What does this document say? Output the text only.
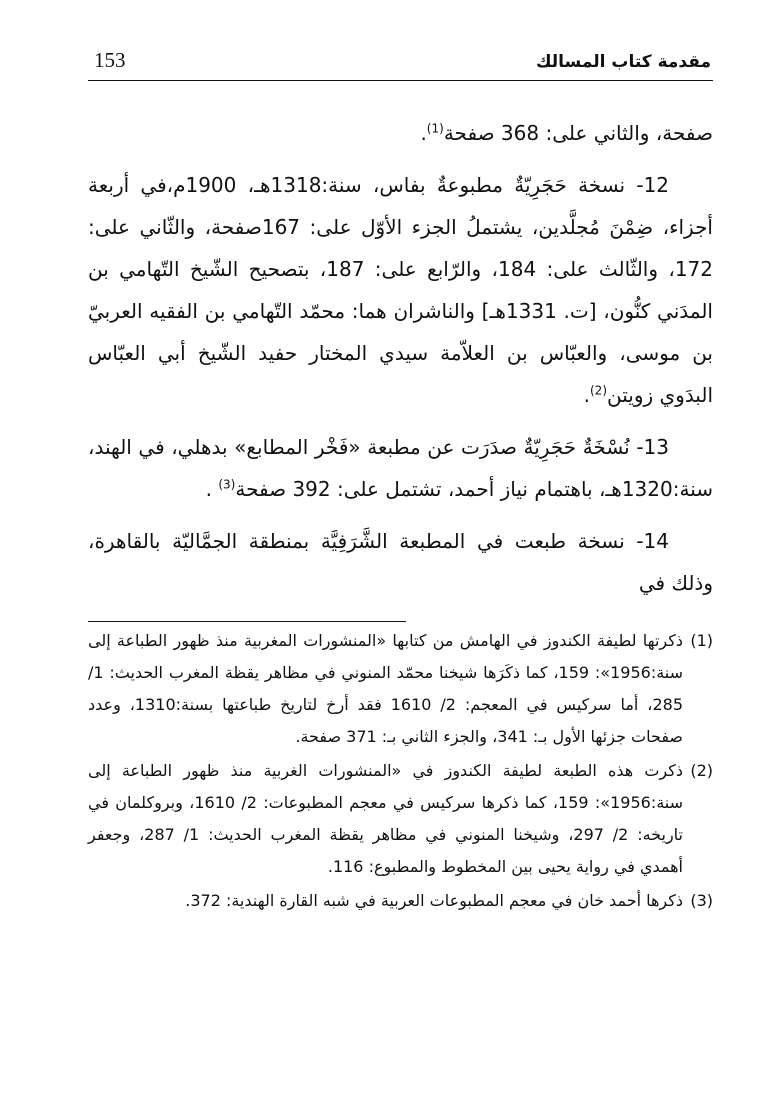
153	مقدمة كتاب المسالك

صفحة، والثاني على: 368 صفحة$^{(1)}$.

12- نسخة حَجَرِيّةٌ مطبوعةٌ بفاس، سنة:1318هـ، 1900م،في أربعة أجزاء، ضِمْنَ مُجلَّدين، يشتملُ الجزء الأوّل على: 167صفحة، والثّاني على: 172، والثّالث على: 184، والرّابع على: 187، بتصحيح الشّيخ التّهامي بن المدَني كنُّون، [ت. 1331هـ] والناشران هما: محمّد التّهامي بن الفقيه العربيّ بن موسى، والعبّاس بن العلاّمة سيدي المختار حفيد الشّيخ أبي العبّاس البدَوي زويتن$^{(2)}$.

13- نُسْخَةٌ حَجَرِيّةٌ صدَرَت عن مطبعة «فَخْر المطابع» بدهلي، في الهند، سنة:1320هـ، باهتمام نياز أحمد، تشتمل على: 392 صفحة$^{(3)}$ .

14- نسخة طبعت في المطبعة الشَّرَفِيَّة بمنطقة الجمَّاليّة بالقاهرة، وذلك في

(1)
ذكرتها لطيفة الكندوز في الهامش من كتابها «المنشورات المغربية منذ ظهور الطباعة إلى سنة:1956»: 159، كما ذكَرَها شيخنا محمّد المنوني في مظاهر يقظة المغرب الحديث: 1/ 285، أما سركيس في المعجم: 2/ 1610 فقد أرخ لتاريخ طباعتها بسنة:1310، وعدد صفحات جزئها الأول بـ: 341، والجزء الثاني بـ: 371 صفحة.
(2)
ذكرت هذه الطبعة لطيفة الكندوز في «المنشورات الغربية منذ ظهور الطباعة إلى سنة:1956»: 159، كما ذكرها سركيس في معجم المطبوعات: 2/ 1610، وبروكلمان في تاريخه: 2/ 297، وشيخنا المنوني في مظاهر يقظة المغرب الحديث: 1/ 287، وجعفر أهمدي في رواية يحيى بين المخطوط والمطبوع: 116.
(3)
ذكرها أحمد خان في معجم المطبوعات العربية في شبه القارة الهندية: 372.
